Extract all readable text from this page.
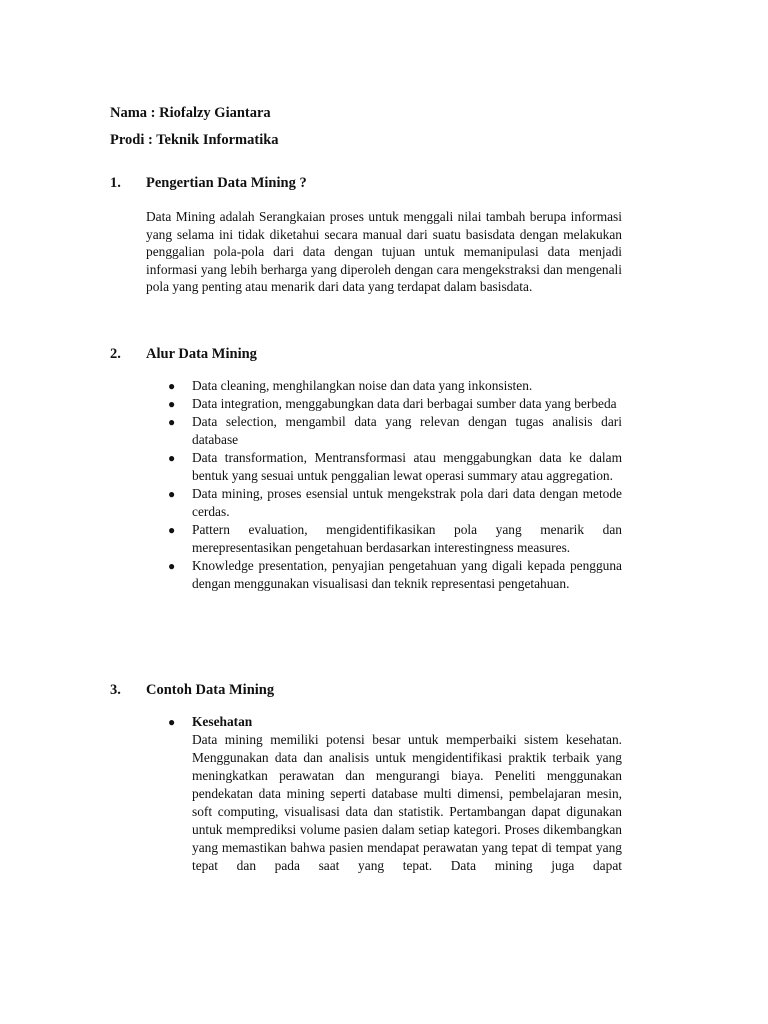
Nama : Riofalzy Giantara
Prodi : Teknik Informatika
1. Pengertian Data Mining ?

Data Mining adalah Serangkaian proses untuk menggali nilai tambah berupa informasi yang selama ini tidak diketahui secara manual dari suatu basisdata dengan melakukan penggalian pola-pola dari data dengan tujuan untuk memanipulasi data menjadi informasi yang lebih berharga yang diperoleh dengan cara mengekstraksi dan mengenali pola yang penting atau menarik dari data yang terdapat dalam basisdata.

2. Alur Data Mining
● Data cleaning, menghilangkan noise dan data yang inkonsisten.
● Data integration, menggabungkan data dari berbagai sumber data yang berbeda
● Data selection, mengambil data yang relevan dengan tugas analisis dari database
● Data transformation, Mentransformasi atau menggabungkan data ke dalam bentuk yang sesuai untuk penggalian lewat operasi summary atau aggregation.
● Data mining, proses esensial untuk mengekstrak pola dari data dengan metode cerdas.
● Pattern evaluation, mengidentifikasikan pola yang menarik dan merepresentasikan pengetahuan berdasarkan interestingness measures.
● Knowledge presentation, penyajian pengetahuan yang digali kepada pengguna dengan menggunakan visualisasi dan teknik representasi pengetahuan.
3. Contoh Data Mining
● Kesehatan

Data mining memiliki potensi besar untuk memperbaiki sistem kesehatan. Menggunakan data dan analisis untuk mengidentifikasi praktik terbaik yang meningkatkan perawatan dan mengurangi biaya. Peneliti menggunakan pendekatan data mining seperti database multi dimensi, pembelajaran mesin, soft computing, visualisasi data dan statistik. Pertambangan dapat digunakan untuk memprediksi volume pasien dalam setiap kategori. Proses dikembangkan yang memastikan bahwa pasien mendapat perawatan yang tepat di tempat yang tepat dan pada saat yang tepat. Data mining juga dapat
